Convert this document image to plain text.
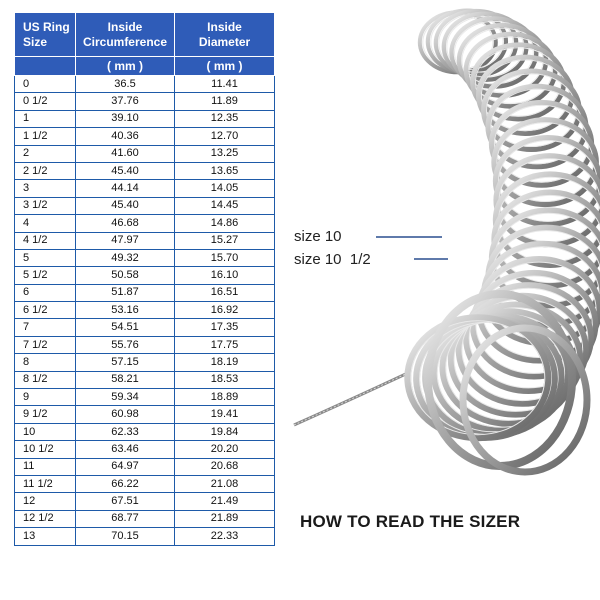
US Ring
Size	Inside
Circumference	Inside
Diameter

	( mm )	( mm )
0	36.5	11.41
0 1/2	37.76	11.89
1	39.10	12.35
1 1/2	40.36	12.70
2	41.60	13.25
2 1/2	45.40	13.65
3	44.14	14.05
3 1/2	45.40	14.45
4	46.68	14.86
4 1/2	47.97	15.27
5	49.32	15.70
5 1/2	50.58	16.10
6	51.87	16.51
6 1/2	53.16	16.92
7	54.51	17.35
7 1/2	55.76	17.75
8	57.15	18.19
8 1/2	58.21	18.53
9	59.34	18.89
9 1/2	60.98	19.41
10	62.33	19.84
10 1/2	63.46	20.20
11	64.97	20.68
11 1/2	66.22	21.08
12	67.51	21.49
12 1/2	68.77	21.89
13	70.15	22.33
size 10
size 10  1/2
HOW TO READ THE SIZER
